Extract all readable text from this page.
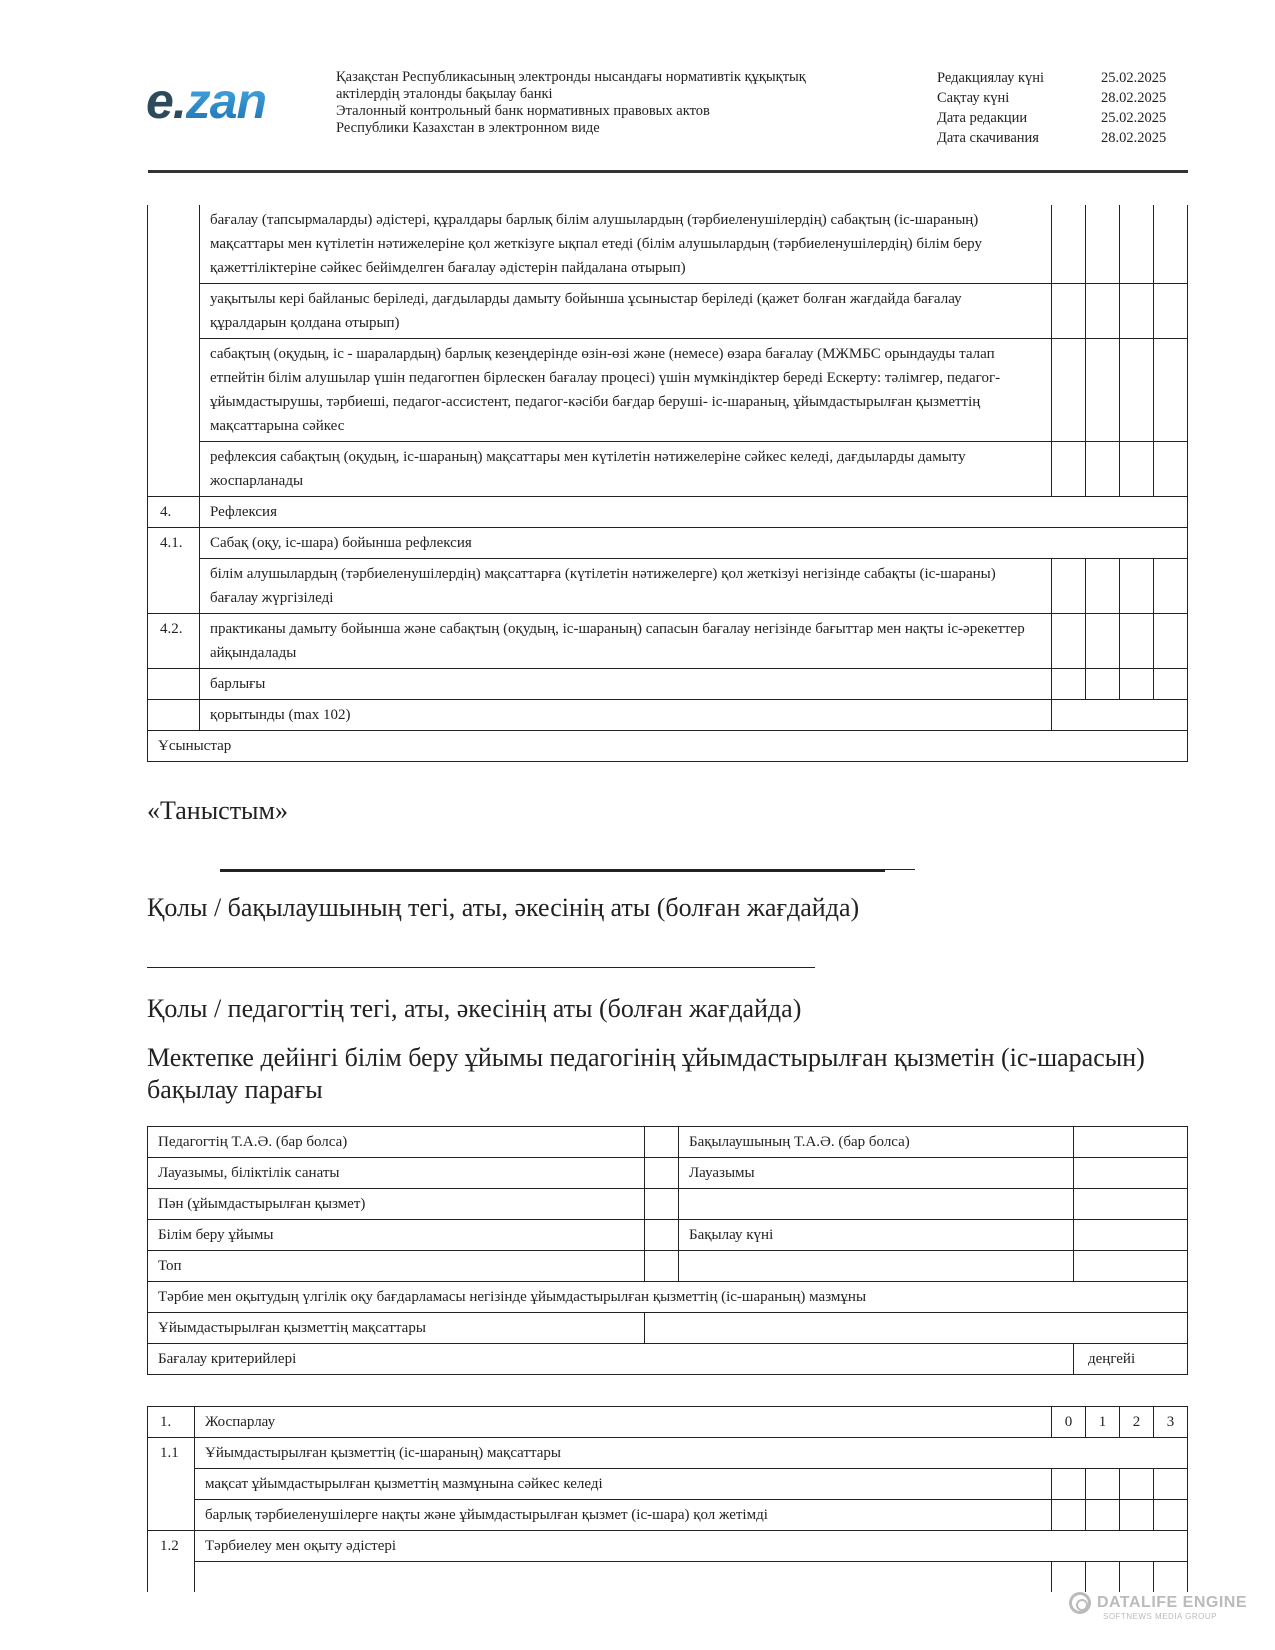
e.zan	Қазақстан Республикасының электронды нысандағы нормативтік құқықтық
актілердің эталонды бақылау банкі
Эталонный контрольный банк нормативных правовых актов
Республики Казахстан в электронном виде
Редакциялау күні	25.02.2025
Сақтау күні	28.02.2025
Дата редакции	25.02.2025
Дата скачивания	28.02.2025
	бағалау (тапсырмаларды) әдістері, құралдары барлық білім алушылардың (тәрбиеленушілердің) сабақтың (іс-шараның) мақсаттары мен күтілетін нәтижелеріне қол жеткізуге ықпал етеді (білім алушылардың (тәрбиеленушілердің) білім беру қажеттіліктеріне сәйкес бейімделген бағалау әдістерін пайдалана отырып)				
	уақытылы кері байланыс беріледі, дағдыларды дамыту бойынша ұсыныстар беріледі (қажет болған жағдайда бағалау құралдарын қолдана отырып)				
	сабақтың (оқудың, іс - шаралардың) барлық кезеңдерінде өзін-өзі және (немесе) өзара бағалау (МЖМБС орындауды талап етпейтін білім алушылар үшін педагогпен бірлескен бағалау процесі) үшін мүмкіндіктер береді Ескерту: тәлімгер, педагог-ұйымдастырушы, тәрбиеші, педагог-ассистент, педагог-кәсіби бағдар беруші- іс-шараның, ұйымдастырылған қызметтің мақсаттарына сәйкес				
	рефлексия сабақтың (оқудың, іс-шараның) мақсаттары мен күтілетін нәтижелеріне сәйкес келеді, дағдыларды дамыту жоспарланады				
4.	Рефлексия				
4.1.	Сабақ (оқу, іс-шара) бойынша рефлексия				
	білім алушылардың (тәрбиеленушілердің) мақсаттарға (күтілетін нәтижелерге) қол жеткізуі негізінде сабақты (іс-шараны) бағалау жүргізіледі				
4.2.	практиканы дамыту бойынша және сабақтың (оқудың, іс-шараның) сапасын бағалау негізінде бағыттар мен нақты іс-әрекеттер айқындалады				
	барлығы				
	қорытынды (max 102)				
Ұсыныстар					
«Таныстым»
Қолы / бақылаушының тегі, аты, әкесінің аты (болған жағдайда)
Қолы / педагогтің тегі, аты, әкесінің аты (болған жағдайда)
Мектепке дейінгі білім беру ұйымы педагогінің ұйымдастырылған қызметін (іс-шарасын) бақылау парағы
Педагогтің Т.А.Ә. (бар болса)		Бақылаушының Т.А.Ә. (бар болса)	
Лауазымы, біліктілік санаты		Лауазымы	
Пән (ұйымдастырылған қызмет)			
Білім беру ұйымы		Бақылау күні	
Топ			
Тәрбие мен оқытудың үлгілік оқу бағдарламасы негізінде ұйымдастырылған қызметтің (іс-шараның) мазмұны			
Ұйымдастырылған қызметтің мақсаттары			
Бағалау критерийлері			деңгейі
1.	Жоспарлау	0	1	2	3
1.1	Ұйымдастырылған қызметтің (іс-шараның) мақсаттары				
	мақсат ұйымдастырылған қызметтің мазмұнына сәйкес келеді				
	барлық тәрбиеленушілерге нақты және ұйымдастырылған қызмет (іс-шара) қол жетімді				
1.2	Тәрбиелеу мен оқыту әдістері				

DATALIFE ENGINE
SOFTNEWS MEDIA GROUP
